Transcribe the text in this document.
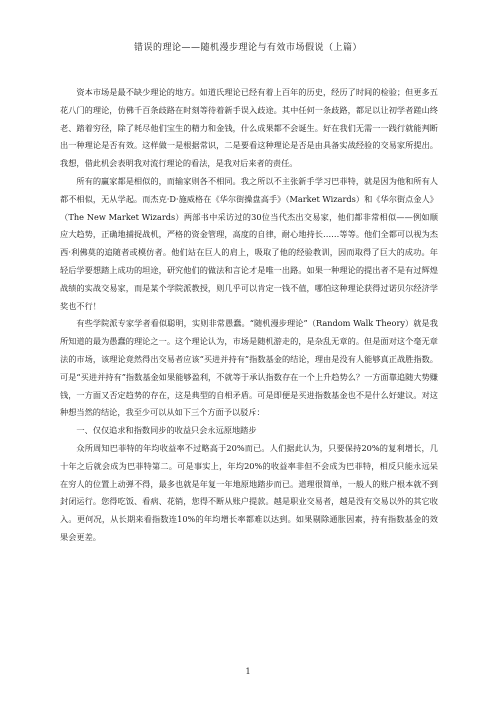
错误的理论——随机漫步理论与有效市场假说（上篇）

资本市场是最不缺少理论的地方。如道氏理论已经有着上百年的历史，经历了时间的检验；但更多五花八门的理论，仿佛千百条歧路在时刻等待着新手误入歧途。其中任何一条歧路，都足以让初学者蹉山终老、踏着穷径，除了耗尽他们宝生的精力和金钱，什么成果都不会诞生。好在我们无需一一践行就能判断出一种理论是否有效。这样做一是根据常识，二是要看这种理论是否是由具备实战经验的交易家所提出。我想，借此机会表明我对流行理论的看法，是我对后来者的责任。

所有的赢家都是相似的，而输家则各不相同。我之所以不主张新手学习巴菲特，就是因为他和所有人都不相似，无从学起。而杰克·D·施威格在《华尔街操盘高手》（Market Wizards）和《华尔街点金人》（The New Market Wizards）两部书中采访过的30位当代杰出交易家，他们都非常相似——例如顺应大趋势，正确地捕捉战机，严格的资金管理，高度的自律，耐心地持长……等等。他们全都可以视为杰西·利佛莫的追随者或模仿者。他们站在巨人的肩上，吸取了他的经验教训，因而取得了巨大的成功。年轻后学要想踏上成功的坦途，研究他们的做法和言论才是唯一出路。如果一种理论的提出者不是有过辉煌战绩的实战交易家，而是某个学院派教授，则几乎可以肯定一钱不值，哪怕这种理论获得过诺贝尔经济学奖也不行！

有些学院派专家学者看似聪明，实则非常愚蠢。“随机漫步理论”（Random Walk Theory）就是我所知道的最为愚蠢的理论之一。这个理论认为，市场是随机游走的，是杂乱无章的。但是面对这个毫无章法的市场，该理论竟然得出交易者应该“买进并持有”指数基金的结论，理由是没有人能够真正战胜指数。可是“买进并持有”指数基金如果能够盈利，不就等于承认指数存在一个上升趋势么？一方面靠追随大势赚钱，一方面又否定趋势的存在，这是典型的自相矛盾。可是即便是买进指数基金也不是什么好建议。对这种想当然的结论，我至少可以从如下三个方面予以驳斥：

一、仅仅追求和指数同步的收益只会永远原地踏步

众所周知巴菲特的年均收益率不过略高于20%而已。人们据此认为，只要保持20%的复利增长，几十年之后就会成为巴菲特第二。可是事实上，年均20%的收益率非但不会成为巴菲特，相反只能永远呆在穷人的位置上动弹不得，最多也就是年复一年地原地踏步而已。道理很简单，一般人的账户根本就不到封闭运行。您得吃饭、看病、花销，您得不断从账户提款。越是职业交易者，越是没有交易以外的其它收入。更何况，从长期来看指数连10%的年均增长率都难以达到。如果剔除通胀因素，持有指数基金的效果会更差。

1
